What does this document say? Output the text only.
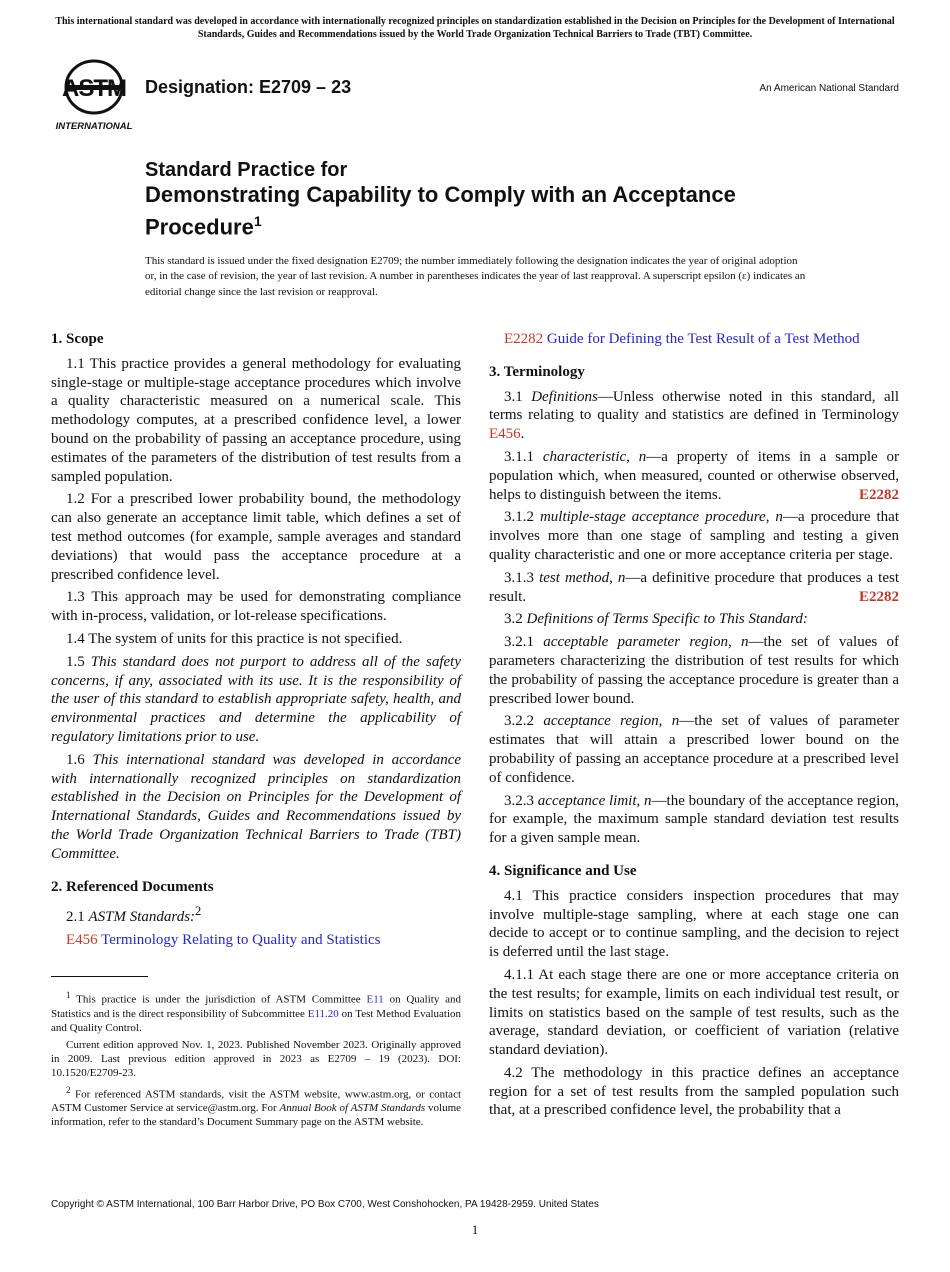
This international standard was developed in accordance with internationally recognized principles on standardization established in the Decision on Principles for the Development of International Standards, Guides and Recommendations issued by the World Trade Organization Technical Barriers to Trade (TBT) Committee.
ASTM
INTERNATIONAL
Designation: E2709 – 23	An American National Standard
Standard Practice for
Demonstrating Capability to Comply with an Acceptance Procedure$^1$
This standard is issued under the fixed designation E2709; the number immediately following the designation indicates the year of original adoption or, in the case of revision, the year of last revision. A number in parentheses indicates the year of last reapproval. A superscript epsilon (ε) indicates an editorial change since the last revision or reapproval.
1. Scope

1.1 This practice provides a general methodology for evaluating single-stage or multiple-stage acceptance procedures which involve a quality characteristic measured on a numerical scale. This methodology computes, at a prescribed confidence level, a lower bound on the probability of passing an acceptance procedure, using estimates of the parameters of the distribution of test results from a sampled population.

1.2 For a prescribed lower probability bound, the methodology can also generate an acceptance limit table, which defines a set of test method outcomes (for example, sample averages and standard deviations) that would pass the acceptance procedure at a prescribed confidence level.

1.3 This approach may be used for demonstrating compliance with in-process, validation, or lot-release specifications.

1.4 The system of units for this practice is not specified.

1.5 This standard does not purport to address all of the safety concerns, if any, associated with its use. It is the responsibility of the user of this standard to establish appropriate safety, health, and environmental practices and determine the applicability of regulatory limitations prior to use.

1.6 This international standard was developed in accordance with internationally recognized principles on standardization established in the Decision on Principles for the Development of International Standards, Guides and Recommendations issued by the World Trade Organization Technical Barriers to Trade (TBT) Committee.

2. Referenced Documents

2.1 ASTM Standards:$^2$

E456 Terminology Relating to Quality and Statistics

E2282 Guide for Defining the Test Result of a Test Method

3. Terminology

3.1 Definitions—Unless otherwise noted in this standard, all terms relating to quality and statistics are defined in Terminology E456.

3.1.1 characteristic, n—a property of items in a sample or population which, when measured, counted or otherwise observed, helps to distinguish between the items.	E2282

3.1.2 multiple-stage acceptance procedure, n—a procedure that involves more than one stage of sampling and testing a given quality characteristic and one or more acceptance criteria per stage.

3.1.3 test method, n—a definitive procedure that produces a test result.	E2282

3.2 Definitions of Terms Specific to This Standard:

3.2.1 acceptable parameter region, n—the set of values of parameters characterizing the distribution of test results for which the probability of passing the acceptance procedure is greater than a prescribed lower bound.

3.2.2 acceptance region, n—the set of values of parameter estimates that will attain a prescribed lower bound on the probability of passing an acceptance procedure at a prescribed level of confidence.

3.2.3 acceptance limit, n—the boundary of the acceptance region, for example, the maximum sample standard deviation test results for a given sample mean.

4. Significance and Use

4.1 This practice considers inspection procedures that may involve multiple-stage sampling, where at each stage one can decide to accept or to continue sampling, and the decision to reject is deferred until the last stage.

4.1.1 At each stage there are one or more acceptance criteria on the test results; for example, limits on each individual test result, or limits on statistics based on the sample of test results, such as the average, standard deviation, or coefficient of variation (relative standard deviation).

4.2 The methodology in this practice defines an acceptance region for a set of test results from the sampled population such that, at a prescribed confidence level, the probability that a

$^1$ This practice is under the jurisdiction of ASTM Committee E11 on Quality and Statistics and is the direct responsibility of Subcommittee E11.20 on Test Method Evaluation and Quality Control.

Current edition approved Nov. 1, 2023. Published November 2023. Originally approved in 2009. Last previous edition approved in 2023 as E2709 – 19 (2023). DOI: 10.1520/E2709-23.

$^2$ For referenced ASTM standards, visit the ASTM website, www.astm.org, or contact ASTM Customer Service at service@astm.org. For Annual Book of ASTM Standards volume information, refer to the standard’s Document Summary page on the ASTM website.

Copyright © ASTM International, 100 Barr Harbor Drive, PO Box C700, West Conshohocken, PA 19428-2959. United States
1
